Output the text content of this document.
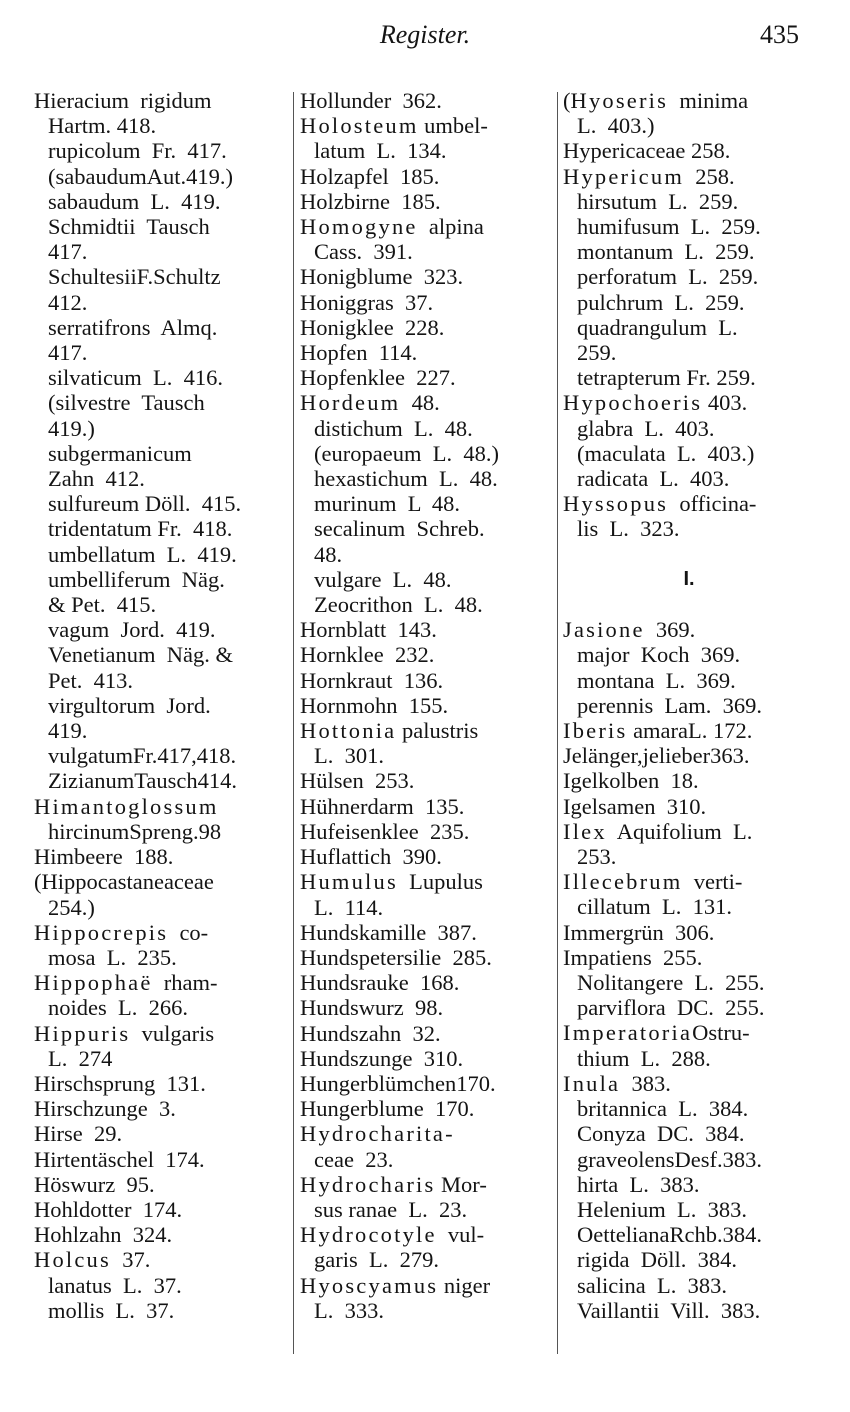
Register.	435
Hieracium  rigidum
Hartm. 418.
rupicolum  Fr.  417.
(sabaudumAut.419.)
sabaudum  L.  419.
Schmidtii  Tausch
417.
SchultesiiF.Schultz
412.
serratifrons  Almq.
417.
silvaticum  L.  416.
(silvestre  Tausch
419.)
subgermanicum
Zahn  412.
sulfureum Döll.  415.
tridentatum Fr.  418.
umbellatum  L.  419.
umbelliferum  Näg.
& Pet.  415.
vagum  Jord.  419.
Venetianum  Näg. &
Pet.  413.
virgultorum  Jord.
419.
vulgatumFr.417,418.
ZizianumTausch414.
Himantoglossum
hircinumSpreng.98
Himbeere  188.
(Hippocastaneaceae
254.)
Hippocrepis  co-
mosa  L.  235.
Hippophaë  rham-
noides  L.  266.
Hippuris  vulgaris
L.  274
Hirschsprung  131.
Hirschzunge  3.
Hirse  29.
Hirtentäschel  174.
Höswurz  95.
Hohldotter  174.
Hohlzahn  324.
Holcus  37.
lanatus  L.  37.
mollis  L.  37.
Hollunder  362.
Holosteum umbel-
latum  L.  134.
Holzapfel  185.
Holzbirne  185.
Homogyne  alpina
Cass.  391.
Honigblume  323.
Honiggras  37.
Honigklee  228.
Hopfen  114.
Hopfenklee  227.
Hordeum  48.
distichum  L.  48.
(europaeum  L.  48.)
hexastichum  L.  48.
murinum  L  48.
secalinum  Schreb.
48.
vulgare  L.  48.
Zeocrithon  L.  48.
Hornblatt  143.
Hornklee  232.
Hornkraut  136.
Hornmohn  155.
Hottonia palustris
L.  301.
Hülsen  253.
Hühnerdarm  135.
Hufeisenklee  235.
Huflattich  390.
Humulus  Lupulus
L.  114.
Hundskamille  387.
Hundspetersilie  285.
Hundsrauke  168.
Hundswurz  98.
Hundszahn  32.
Hundszunge  310.
Hungerblümchen170.
Hungerblume  170.
Hydrocharita-
ceae  23.
Hydrocharis Mor-
sus ranae  L.  23.
Hydrocotyle  vul-
garis  L.  279.
Hyoscyamus niger
L.  333.
(Hyoseris  minima
L.  403.)
Hypericaceae 258.
Hypericum  258.
hirsutum  L.  259.
humifusum  L.  259.
montanum  L.  259.
perforatum  L.  259.
pulchrum  L.  259.
quadrangulum  L.
259.
tetrapterum Fr. 259.
Hypochoeris 403.
glabra  L.  403.
(maculata  L.  403.)
radicata  L.  403.
Hyssopus  officina-
lis  L.  323.
I.
Jasione  369.
major  Koch  369.
montana  L.  369.
perennis  Lam.  369.
Iberis amaraL. 172.
Jelänger,jelieber363.
Igelkolben  18.
Igelsamen  310.
Ilex  Aquifolium  L.
253.
Illecebrum  verti-
cillatum  L.  131.
Immergrün  306.
Impatiens  255.
Nolitangere  L.  255.
parviflora  DC.  255.
ImperatoriaOstru-
thium  L.  288.
Inula  383.
britannica  L.  384.
Conyza  DC.  384.
graveolensDesf.383.
hirta  L.  383.
Helenium  L.  383.
OettelianaRchb.384.
rigida  Döll.  384.
salicina  L.  383.
Vaillantii  Vill.  383.
